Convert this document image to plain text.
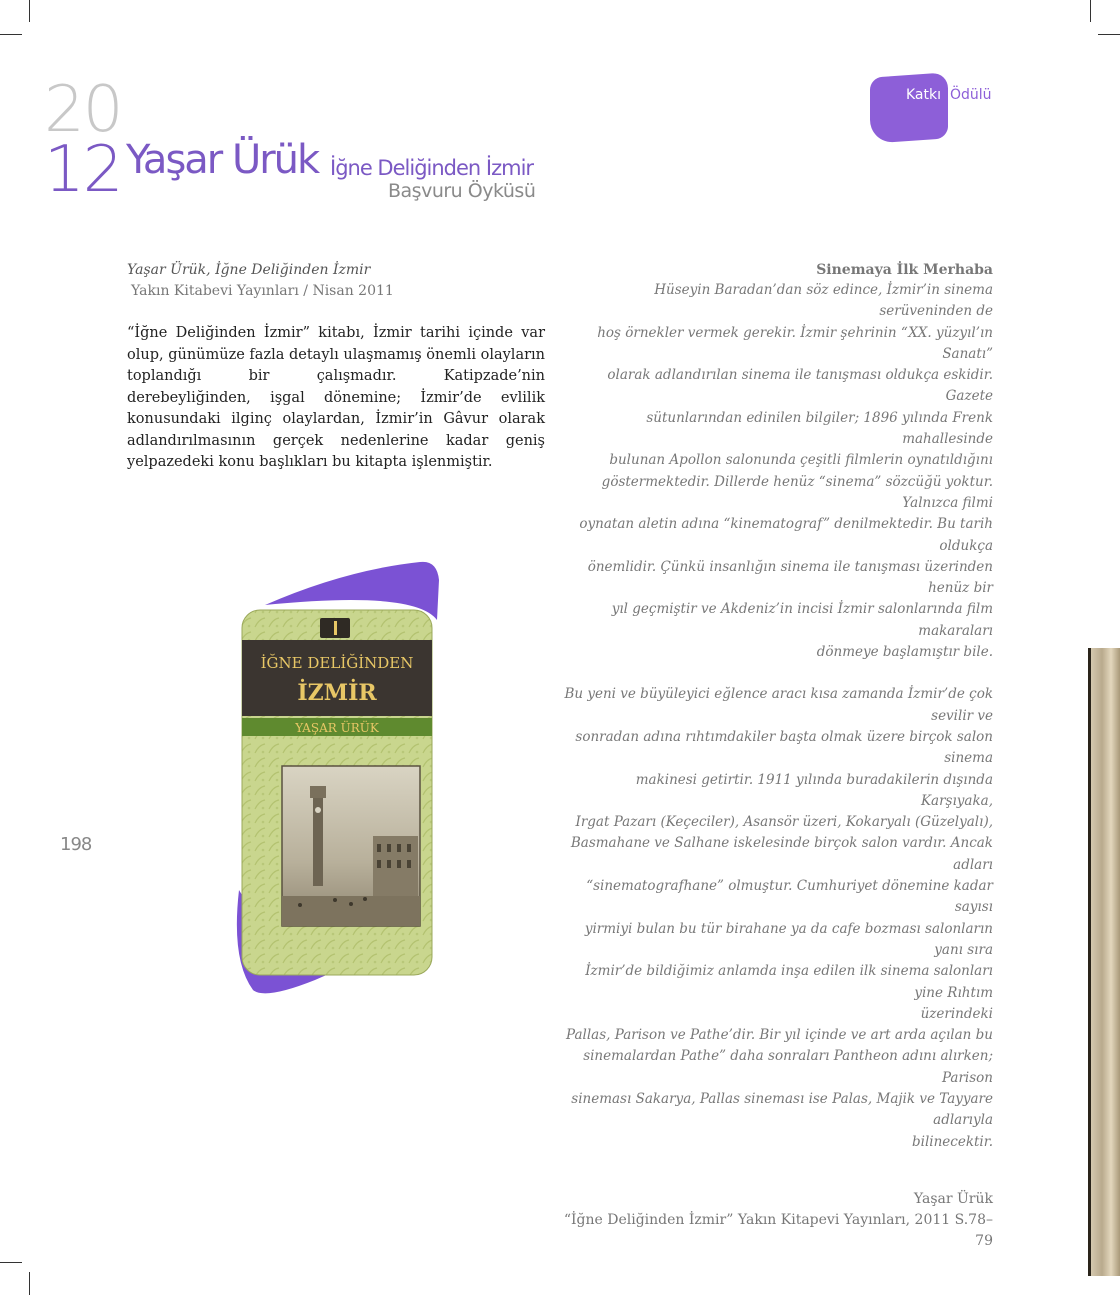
20
12 Yaşar Ürük İğne Deliğinden İzmir
Başvuru Öyküsü
Katkı Ödülü
Yaşar Ürük, İğne Deliğinden İzmir
Yakın Kitabevi Yayınları / Nisan 2011
“İğne Deliğinden İzmir” kitabı, İzmir tarihi içinde var olup, günümüze fazla detaylı ulaşmamış önemli olayların toplandığı bir çalışmadır. Katipzade’nin derebeyliğinden, işgal dönemine; İzmir’de evlilik konusundaki ilginç olaylardan, İzmir’in Gâvur olarak adlandırılmasının gerçek nedenlerine kadar geniş yelpazedeki konu başlıkları bu kitapta işlenmiştir.
Sinemaya İlk Merhaba
Hüseyin Baradan’dan söz edince, İzmir’in sinema serüveninden de
hoş örnekler vermek gerekir. İzmir şehrinin “XX. yüzyıl’ın Sanatı”
olarak adlandırılan sinema ile tanışması oldukça eskidir. Gazete
sütunlarından edinilen bilgiler; 1896 yılında Frenk mahallesinde
bulunan Apollon salonunda çeşitli filmlerin oynatıldığını
göstermektedir. Dillerde henüz “sinema” sözcüğü yoktur. Yalnızca filmi
oynatan aletin adına “kinematograf” denilmektedir. Bu tarih oldukça
önemlidir. Çünkü insanlığın sinema ile tanışması üzerinden henüz bir
yıl geçmiştir ve Akdeniz’in incisi İzmir salonlarında film makaraları
dönmeye başlamıştır bile.
Bu yeni ve büyüleyici eğlence aracı kısa zamanda İzmir’de çok sevilir ve
sonradan adına rıhtımdakiler başta olmak üzere birçok salon sinema
makinesi getirtir. 1911 yılında buradakilerin dışında Karşıyaka,
Irgat Pazarı (Keçeciler), Asansör üzeri, Kokaryalı (Güzelyalı),
Basmahane ve Salhane iskelesinde birçok salon vardır. Ancak adları
“sinematografhane” olmuştur. Cumhuriyet dönemine kadar sayısı
yirmiyi bulan bu tür birahane ya da cafe bozması salonların yanı sıra
İzmir’de bildiğimiz anlamda inşa edilen ilk sinema salonları yine Rıhtım
üzerindeki
Pallas, Parison ve Pathe’dir. Bir yıl içinde ve art arda açılan bu
sinemalardan Pathe” daha sonraları Pantheon adını alırken; Parison
sineması Sakarya, Pallas sineması ise Palas, Majik ve Tayyare adlarıyla
bilinecektir.
Yaşar Ürük
“İğne Deliğinden İzmir” Yakın Kitapevi Yayınları, 2011 S.78–79
198
İĞNE DELİĞİNDEN
İZMİR
YAŞAR ÜRÜK
